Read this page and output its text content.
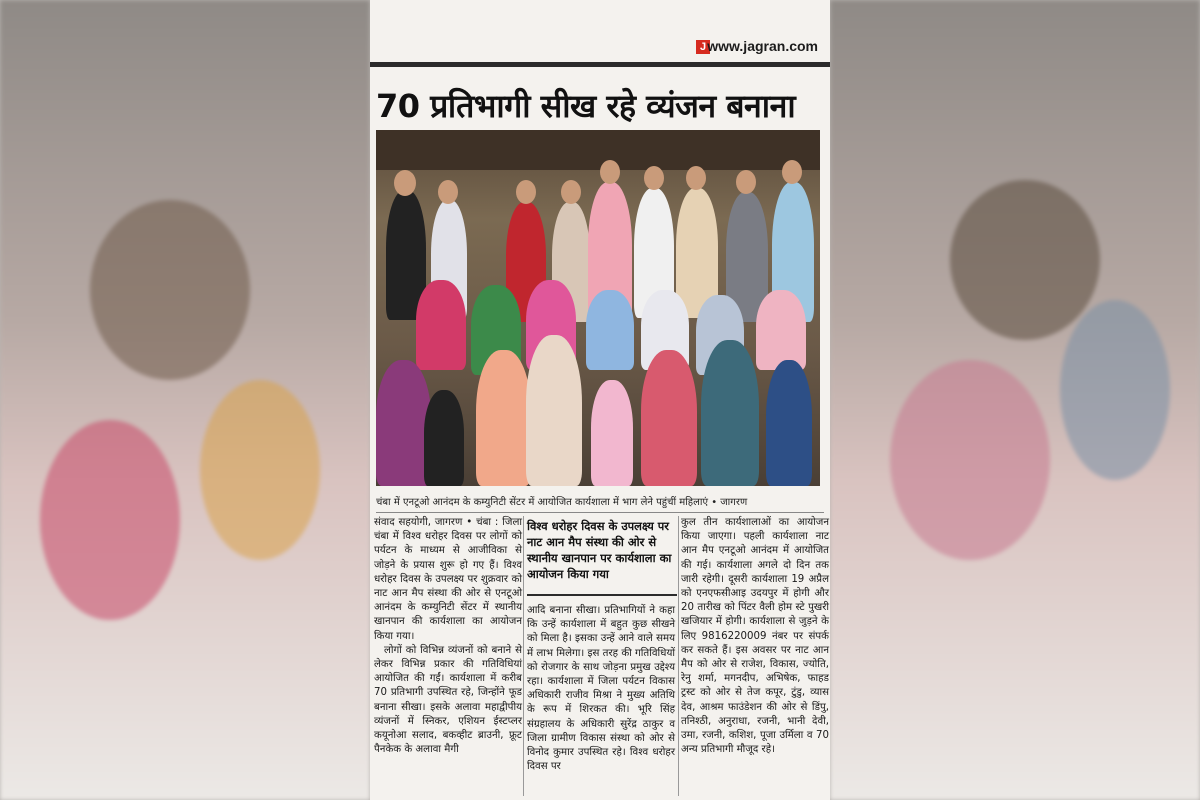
J www.jagran.com
70 प्रतिभागी सीख रहे व्यंजन बनाना
चंबा में एनटूओ आनंदम के कम्युनिटी सेंटर में आयोजित कार्यशाला में भाग लेने पहुंचीं महिलाएं • जागरण

संवाद सहयोगी, जागरण • चंबा : जिला चंबा में विश्व धरोहर दिवस पर लोगों को पर्यटन के माध्यम से आजीविका से जोड़ने के प्रयास शुरू हो गए हैं। विश्व धरोहर दिवस के उपलक्ष्य पर शुक्रवार को नाट आन मैप संस्था की ओर से एनटूओ आनंदम के कम्युनिटी सेंटर में स्थानीय खानपान की कार्यशाला का आयोजन किया गया।

लोगों को विभिन्न व्यंजनों को बनाने से लेकर विभिन्न प्रकार की गतिविधियां आयोजित की गईं। कार्यशाला में करीब 70 प्रतिभागी उपस्थित रहे, जिन्होंने फूड बनाना सीखा। इसके अलावा महाद्वीपीय व्यंजनों में स्निकर, एशियन ईस्टप्लर कयूनोआ सलाद, बकव्हीट ब्राउनी, फ्रूट पैनकेक के अलावा मैगी

विश्व धरोहर दिवस के उपलक्ष्य पर नाट आन मैप संस्था की ओर से स्थानीय खानपान पर कार्यशाला का आयोजन किया गया

आदि बनाना सीखा। प्रतिभागियों ने कहा कि उन्हें कार्यशाला में बहुत कुछ सीखने को मिला है। इसका उन्हें आने वाले समय में लाभ मिलेगा। इस तरह की गतिविधियों को रोजगार के साथ जोड़ना प्रमुख उद्देश्य रहा। कार्यशाला में जिला पर्यटन विकास अधिकारी राजीव मिश्रा ने मुख्य अतिथि के रूप में शिरकत की। भूरि सिंह संग्रहालय के अधिकारी सुरेंद्र ठाकुर व जिला ग्रामीण विकास संस्था को ओर से विनोद कुमार उपस्थित रहे। विश्व धरोहर दिवस पर

कुल तीन कार्यशालाओं का आयोजन किया जाएगा। पहली कार्यशाला नाट आन मैप एनटूओ आनंदम में आयोजित की गई। कार्यशाला अगले दो दिन तक जारी रहेगी। दूसरी कार्यशाला 19 अप्रैल को एनएफसीआइ उदयपुर में होगी और 20 तारीख को पिंटर वैली होम स्टे पुखरी खजियार में होगी। कार्यशाला से जुड़ने के लिए 9816220009 नंबर पर संपर्क कर सकते हैं। इस अवसर पर नाट आन मैप को ओर से राजेश, विकास, ज्योति, रेनु शर्मा, मगनदीप, अभिषेक, फाहड ट्रस्ट को ओर से तेज कपूर, टुंडु, व्यास देव, आश्रम फाउंडेशन की ओर से डिंपु, तनिश्ठी, अनुराधा, रजनी, भानी देवी, उमा, रजनी, कशिश, पूजा उर्मिला व 70 अन्य प्रतिभागी मौजूद रहे।
